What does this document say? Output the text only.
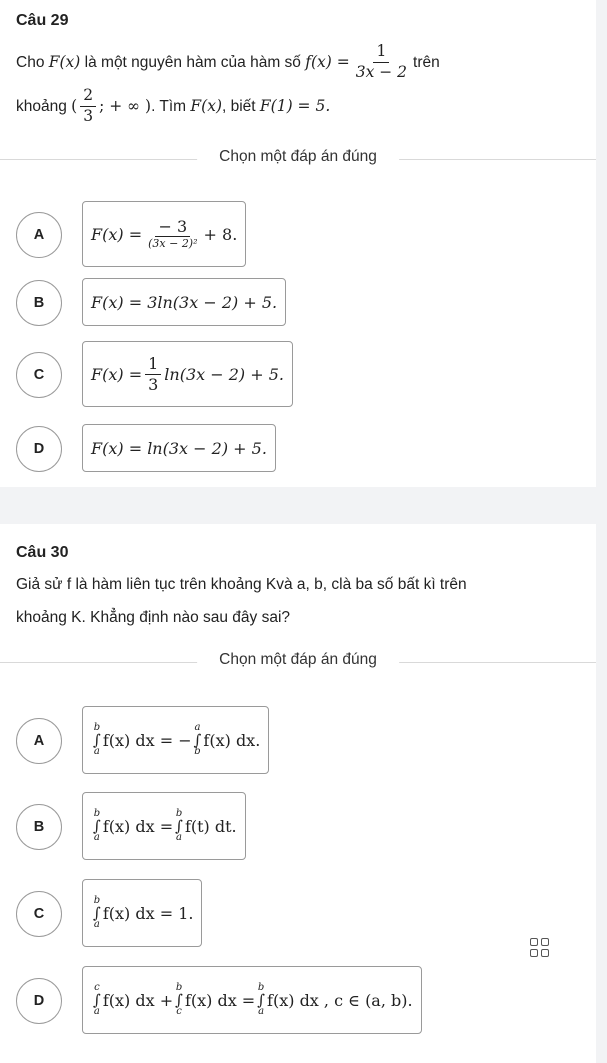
Câu 29
Cho
F(x)
là một nguyên hàm của hàm số
$f(x) = \frac{1}{3x - 2}$ trên
khoảng
( $\frac{2}{3}$ ; + ∞ ) . Tìm
F(x) , biết
F(1) = 5.
Chọn một đáp án đúng
A	$F(x) = \frac{- 3}{\text{(3x − 2)²}} + 8$.
B	F(x) = 3ln(3x − 2) + 5.
C	$F(x) = \frac{1}{3} \ln(3x - 2) + 5$.
D	F(x) = ln(3x − 2) + 5.
Câu 30
Giả sử f là hàm liên tục trên khoảng Kvà a, b, clà ba số bất kì trên
khoảng K. Khẳng định nào sau đây sai?
Chọn một đáp án đúng
A
b
∫
a
f(x) dx = −
a
∫
b
f(x) dx.
B
b
∫
a
f(x) dx =
b
∫
a
f(t) dt.
C
b
∫
a
f(x) dx = 1.
D
c
∫
a
f(x) dx +
b
∫
c
f(x) dx =
b
∫
a
f(x) dx , c ∈ (a, b).
